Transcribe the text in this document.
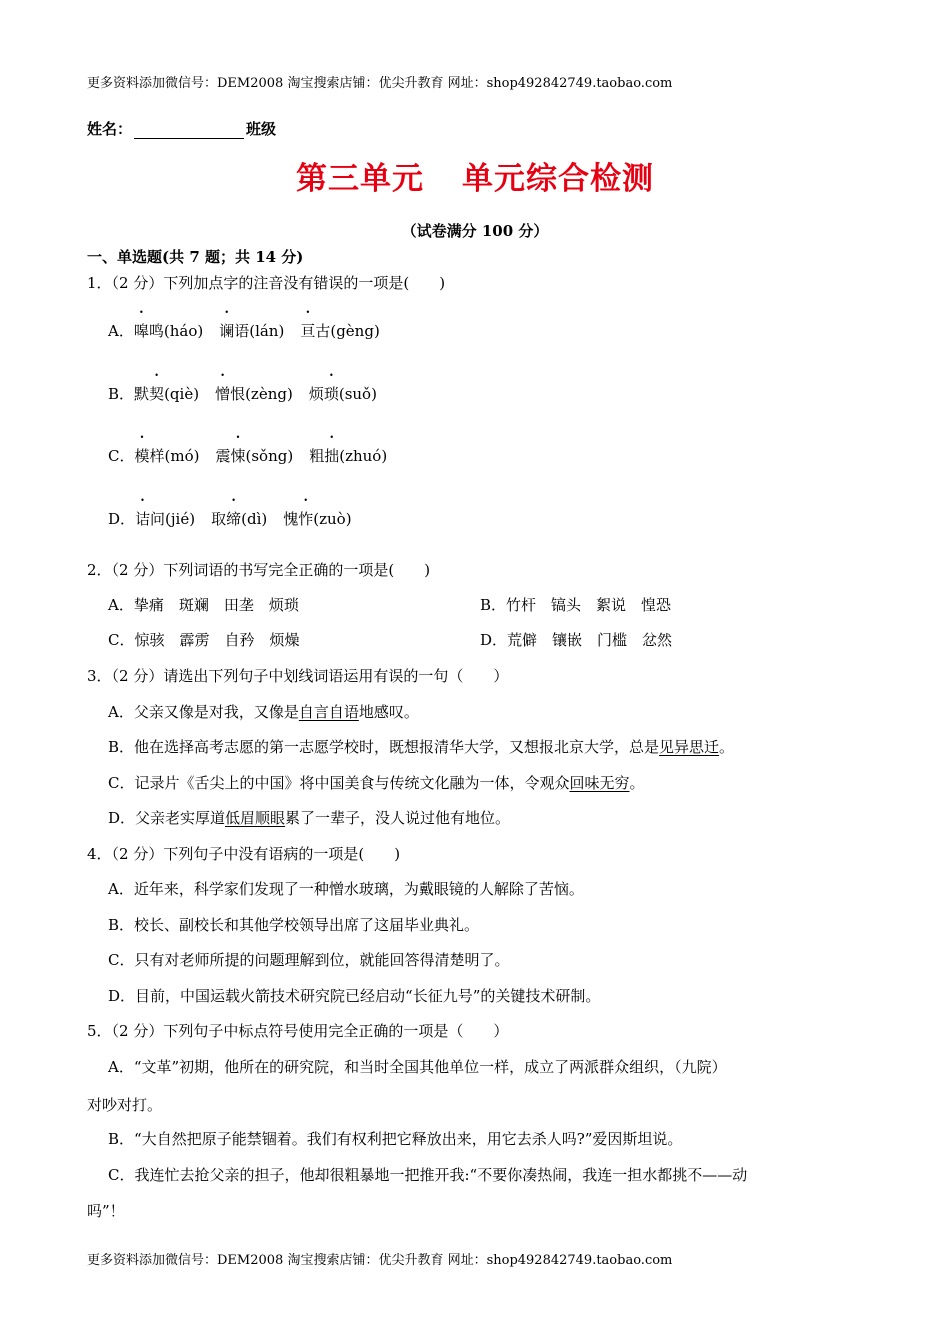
更多资料添加微信号：DEM2008 淘宝搜索店铺：优尖升教育 网址：shop492842749.taobao.com
姓名：	班级
第三单元 单元综合检测
（试卷满分 100 分）
一、单选题(共 7 题；共 14 分)
1．（2 分）下列加点字的注音没有错误的一项是(　　)
A．嗥鸣(háo) 谰语(lán) 亘古(gèng)
B．默契(qiè) 憎恨(zèng) 烦琐(suǒ)
C．模样(mó) 震悚(sǒng) 粗拙(zhuó)
D．诘问(jié) 取缔(dì) 愧怍(zuò)
2．（2 分）下列词语的书写完全正确的一项是(　　)
A．挚痛　斑斓　田垄　烦琐	B．竹杆　镐头　絮说　惶恐
C．惊骇　霹雳　自矜　烦燥	D．荒僻　镶嵌　门槛　忿然
3．（2 分）请选出下列句子中划线词语运用有误的一句（　　）
A．父亲又像是对我，又像是自言自语地感叹。
B．他在选择高考志愿的第一志愿学校时，既想报清华大学，又想报北京大学，总是见异思迁。
C．记录片《舌尖上的中国》将中国美食与传统文化融为一体，令观众回味无穷。
D．父亲老实厚道低眉顺眼累了一辈子，没人说过他有地位。
4．（2 分）下列句子中没有语病的一项是(　　)
A．近年来，科学家们发现了一种憎水玻璃，为戴眼镜的人解除了苦恼。
B．校长、副校长和其他学校领导出席了这届毕业典礼。
C．只有对老师所提的问题理解到位，就能回答得清楚明了。
D．目前，中国运载火箭技术研究院已经启动“长征九号”的关键技术研制。
5．（2 分）下列句子中标点符号使用完全正确的一项是（　　）
A．“文革”初期，他所在的研究院，和当时全国其他单位一样，成立了两派群众组织，（九院）
对吵对打。
B．“大自然把原子能禁锢着。我们有权利把它释放出来，用它去杀人吗?”爱因斯坦说。
C．我连忙去抢父亲的担子，他却很粗暴地一把推开我:“不要你凑热闹，我连一担水都挑不——动
吗”！
更多资料添加微信号：DEM2008 淘宝搜索店铺：优尖升教育 网址：shop492842749.taobao.com
